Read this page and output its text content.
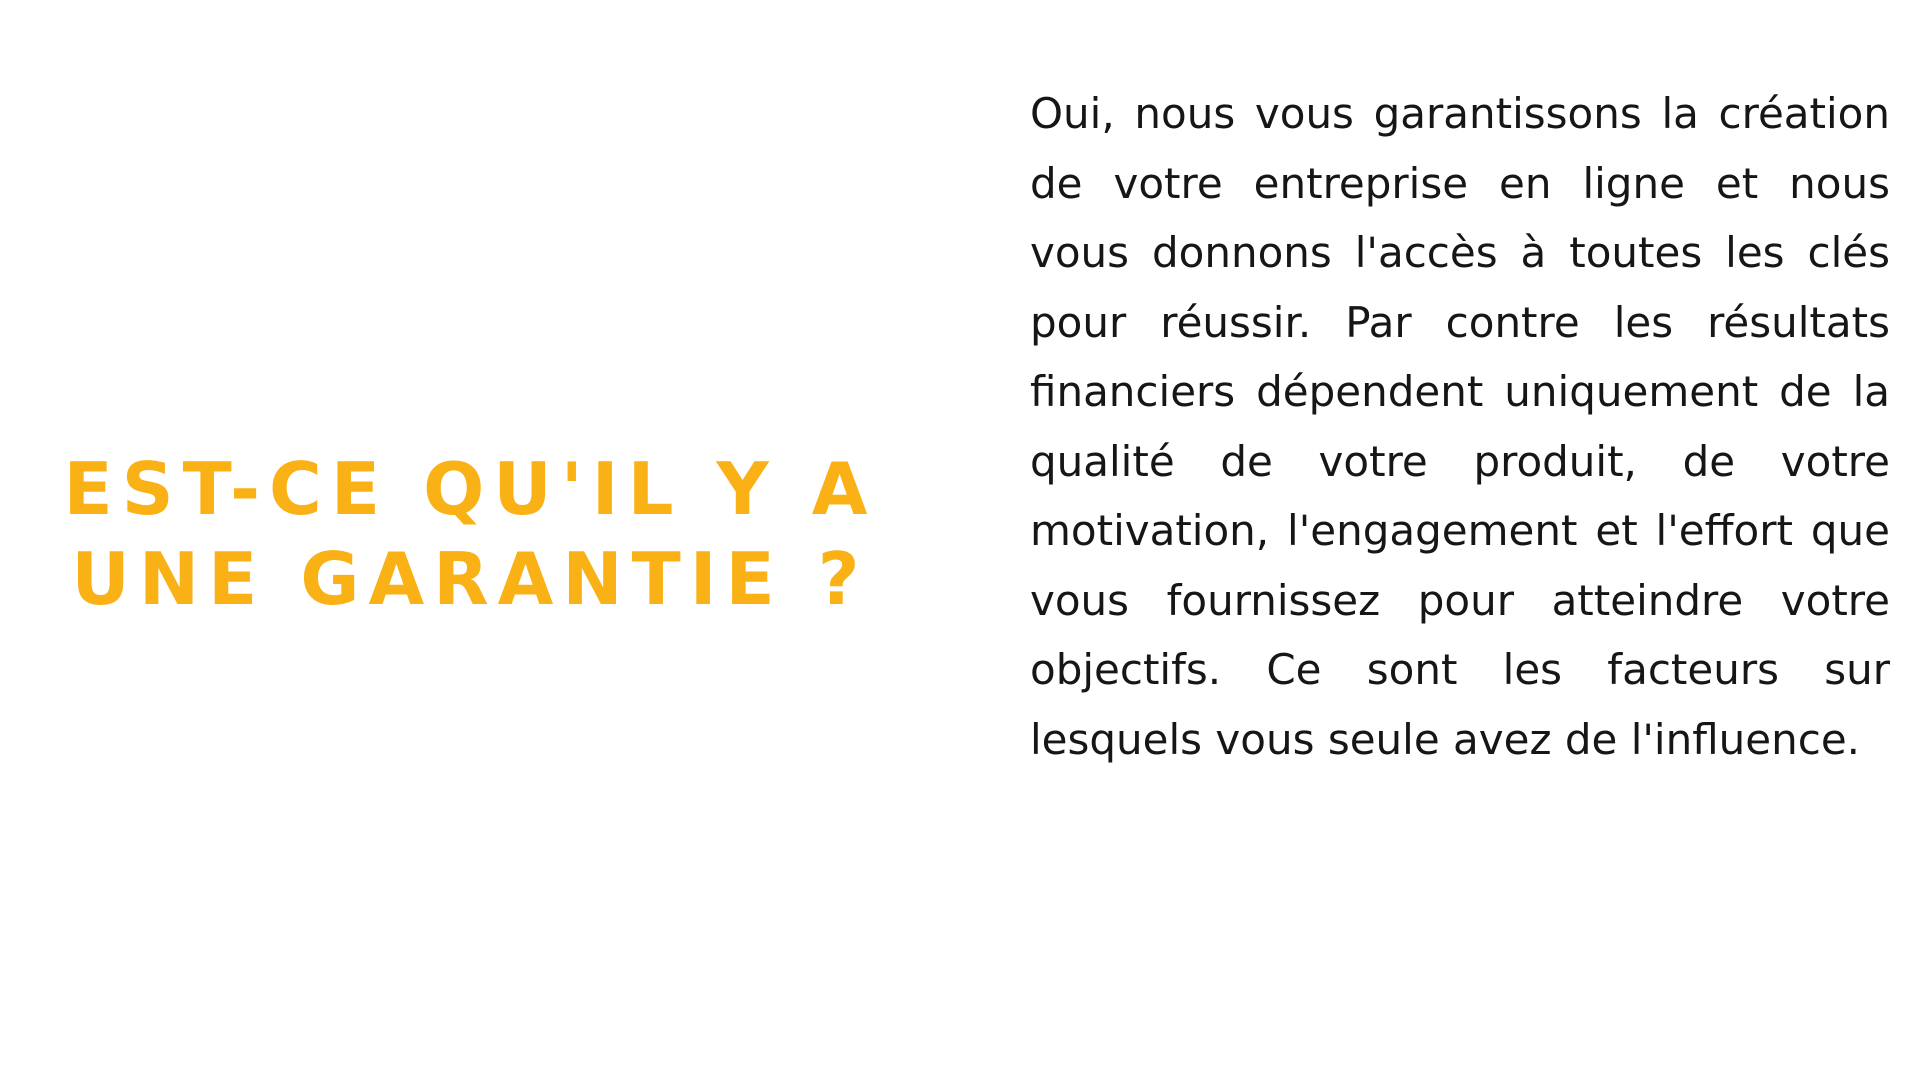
EST-CE QU'IL Y A
UNE GARANTIE ?

Oui, nous vous garantissons la création de votre entreprise en ligne et nous vous donnons l'accès à toutes les clés pour réussir. Par contre les résultats financiers dépendent uniquement de la qualité de votre produit, de votre motivation, l'engagement et l'effort que vous fournissez pour atteindre votre objectifs. Ce sont les facteurs sur lesquels vous seule avez de l'influence.
